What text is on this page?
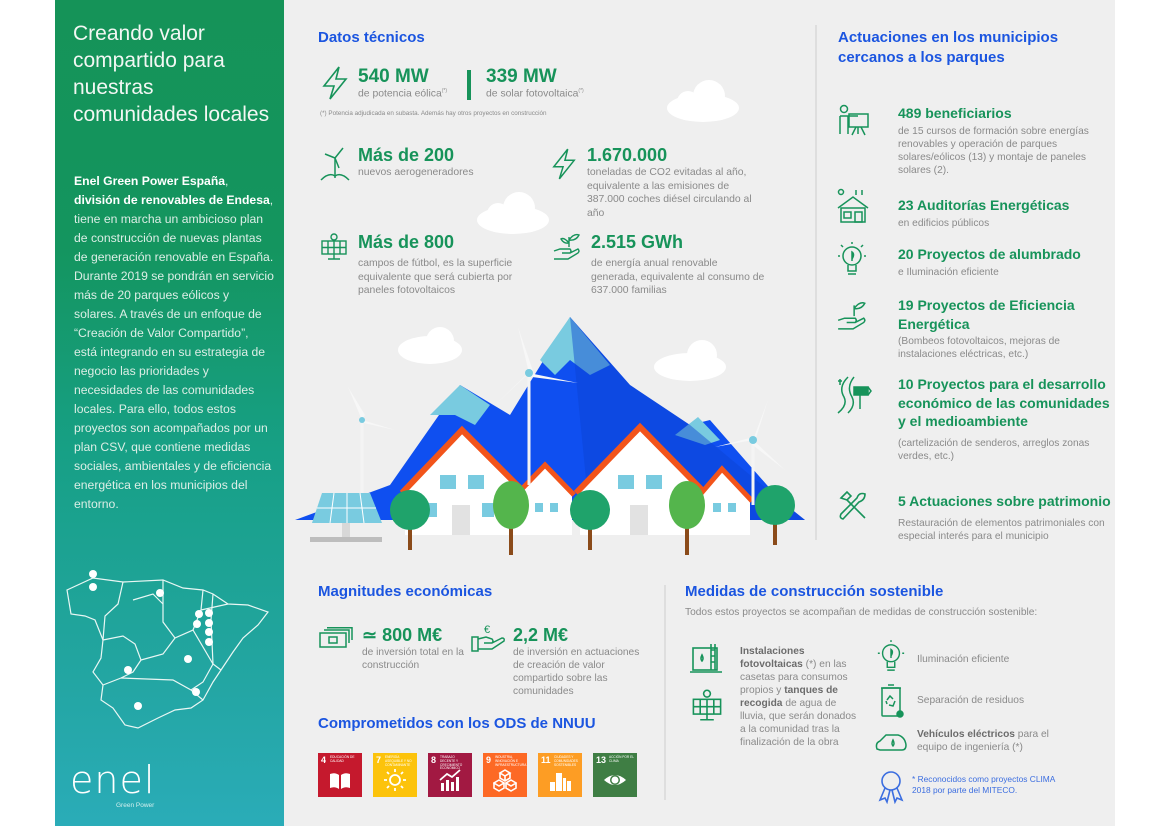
Creando valor compartido para nuestras comunidades locales
Enel Green Power España, división de renovables de Endesa, tiene en marcha un ambicioso plan de construcción de nuevas plantas de generación renovable en España. Durante 2019 se pondrán en servicio más de 20 parques eólicos y solares. A través de un enfoque de “Creación de Valor Compartido”, está integrando en su estrategia de negocio las prioridades y necesidades de las comunidades locales. Para ello, todos estos proyectos son acompañados por un plan CSV, que contiene medidas sociales, ambientales y de eficiencia energética en los municipios del entorno.
enel
Green Power
Datos técnicos
540 MW
de potencia eólica(*)
339 MW
de solar fotovoltaica(*)
(*) Potencia adjudicada en subasta. Además hay otros proyectos en construcción
Más de 200
nuevos aerogeneradores
1.670.000
toneladas de CO2 evitadas al año, equivalente a las emisiones de 387.000 coches diésel circulando al año
Más de 800
campos de fútbol, es la superficie equivalente que será cubierta por paneles fotovoltaicos
2.515 GWh
de energía anual renovable generada, equivalente al consumo de 637.000 familias
Actuaciones en los municipios cercanos a los parques
489 beneficiarios
de 15 cursos de formación sobre energías renovables y operación de parques solares/eólicos (13) y montaje de paneles solares (2).
23 Auditorías Energéticas
en edificios públicos
20 Proyectos de alumbrado
e Iluminación eficiente
19 Proyectos de Eficiencia Energética
(Bombeos fotovoltaicos, mejoras de instalaciones eléctricas, etc.)
10 Proyectos para el desarrollo económico de las comunidades y el medioambiente
(cartelización de senderos, arreglos zonas verdes, etc.)
5 Actuaciones sobre patrimonio
Restauración de elementos patrimoniales con especial interés para el municipio
Magnitudes económicas
≃ 800 M€
de inversión total en la construcción
€ 2,2 M€
de inversión en actuaciones de creación de valor compartido sobre las comunidades
Comprometidos con los ODS de NNUU
4 EDUCACIÓN DE CALIDAD	7 ENERGÍA ASEQUIBLE Y NO CONTAMINANTE	8 TRABAJO DECENTE Y CRECIMIENTO ECONÓMICO
9 INDUSTRIA, INNOVACIÓN E INFRAESTRUCTURA 11 CIUDADES Y COMUNIDADES SOSTENIBLES	13 ACCIÓN POR EL CLIMA
Medidas de construcción sostenible
Todos estos proyectos se acompañan de medidas de construcción sostenible:
Instalaciones fotovoltaicas (*) en las casetas para consumos propios y tanques de recogida de agua de lluvia, que serán donados a la comunidad tras la finalización de la obra
Iluminación eficiente
Separación de residuos
Vehículos eléctricos para el equipo de ingeniería (*)
* Reconocidos como proyectos CLIMA 2018 por parte del MITECO.
